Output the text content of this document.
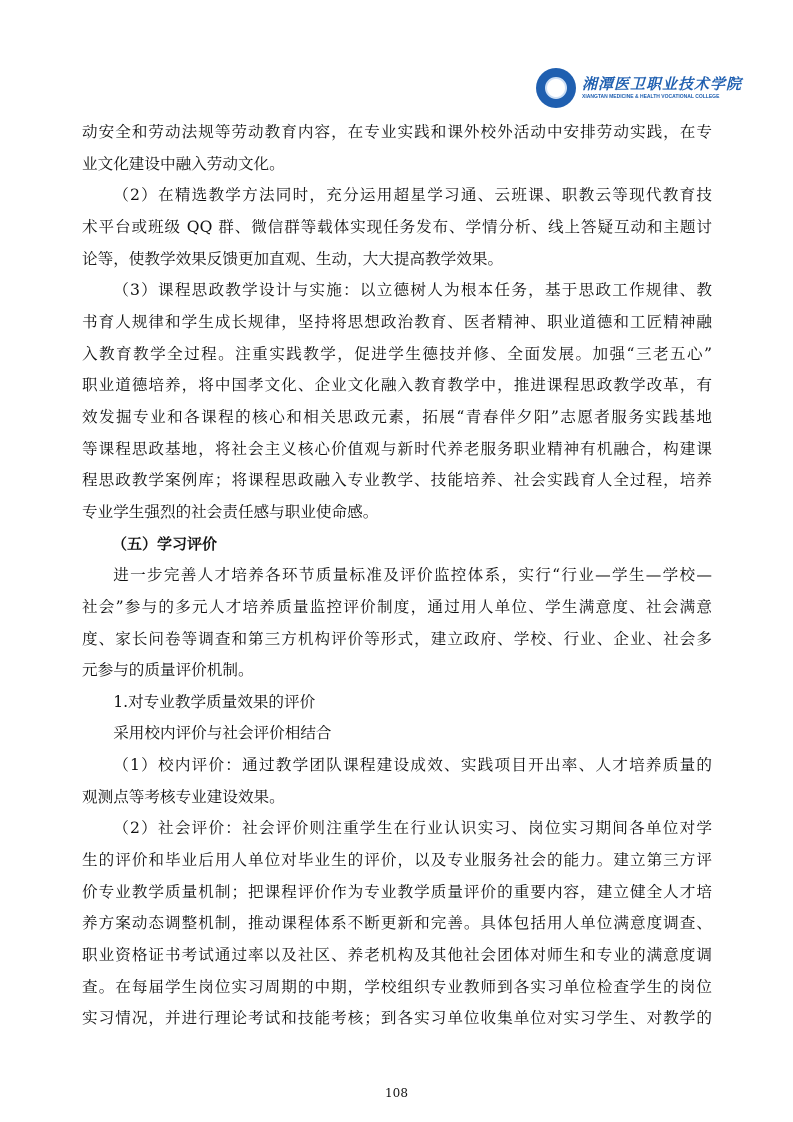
湘潭医卫职业技术学院
XIANGTAN MEDICINE & HEALTH VOCATIONAL COLLEGE
动安全和劳动法规等劳动教育内容，在专业实践和课外校外活动中安排劳动实践，在专
业文化建设中融入劳动文化。
（2）在精选教学方法同时，充分运用超星学习通、云班课、职教云等现代教育技
术平台或班级 QQ 群、微信群等载体实现任务发布、学情分析、线上答疑互动和主题讨
论等，使教学效果反馈更加直观、生动，大大提高教学效果。
（3）课程思政教学设计与实施：以立德树人为根本任务，基于思政工作规律、教
书育人规律和学生成长规律，坚持将思想政治教育、医者精神、职业道德和工匠精神融
入教育教学全过程。注重实践教学，促进学生德技并修、全面发展。加强“三老五心”
职业道德培养，将中国孝文化、企业文化融入教育教学中，推进课程思政教学改革，有
效发掘专业和各课程的核心和相关思政元素，拓展“青春伴夕阳”志愿者服务实践基地
等课程思政基地，将社会主义核心价值观与新时代养老服务职业精神有机融合，构建课
程思政教学案例库；将课程思政融入专业教学、技能培养、社会实践育人全过程，培养
专业学生强烈的社会责任感与职业使命感。
（五）学习评价
进一步完善人才培养各环节质量标准及评价监控体系，实行“行业—学生—学校—
社会”参与的多元人才培养质量监控评价制度，通过用人单位、学生满意度、社会满意
度、家长问卷等调查和第三方机构评价等形式，建立政府、学校、行业、企业、社会多
元参与的质量评价机制。
1.对专业教学质量效果的评价
采用校内评价与社会评价相结合
（1）校内评价：通过教学团队课程建设成效、实践项目开出率、人才培养质量的
观测点等考核专业建设效果。
（2）社会评价：社会评价则注重学生在行业认识实习、岗位实习期间各单位对学
生的评价和毕业后用人单位对毕业生的评价，以及专业服务社会的能力。建立第三方评
价专业教学质量机制；把课程评价作为专业教学质量评价的重要内容，建立健全人才培
养方案动态调整机制，推动课程体系不断更新和完善。具体包括用人单位满意度调查、
职业资格证书考试通过率以及社区、养老机构及其他社会团体对师生和专业的满意度调
查。在每届学生岗位实习周期的中期，学校组织专业教师到各实习单位检查学生的岗位
实习情况，并进行理论考试和技能考核；到各实习单位收集单位对实习学生、对教学的
108
